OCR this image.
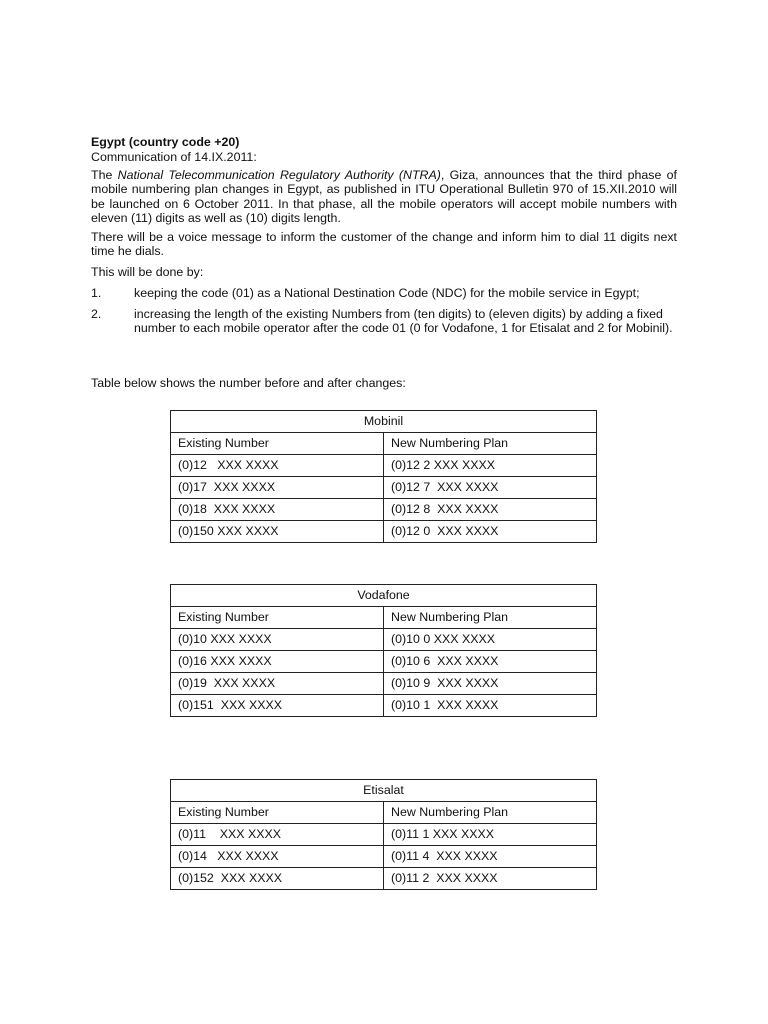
Egypt (country code +20)
Communication of 14.IX.2011:
The National Telecommunication Regulatory Authority (NTRA), Giza, announces that the third phase of mobile numbering plan changes in Egypt, as published in ITU Operational Bulletin 970 of 15.XII.2010 will be launched on 6 October 2011. In that phase, all the mobile operators will accept mobile numbers with eleven (11) digits as well as (10) digits length.
There will be a voice message to inform the customer of the change and inform him to dial 11 digits next time he dials.
This will be done by:
1.	keeping the code (01) as a National Destination Code (NDC) for the mobile service in Egypt;
2.	increasing the length of the existing Numbers from (ten digits) to (eleven digits) by adding a fixed number to each mobile operator after the code 01 (0 for Vodafone, 1 for Etisalat and 2 for Mobinil).
Table below shows the number before and after changes:
Mobinil	
Existing Number	New Numbering Plan
(0)12   XXX XXXX	(0)12 2 XXX XXXX
(0)17  XXX XXXX	(0)12 7  XXX XXXX
(0)18  XXX XXXX	(0)12 8  XXX XXXX
(0)150 XXX XXXX	(0)12 0  XXX XXXX
Vodafone	
Existing Number	New Numbering Plan
(0)10 XXX XXXX	(0)10 0 XXX XXXX
(0)16 XXX XXXX	(0)10 6  XXX XXXX
(0)19  XXX XXXX	(0)10 9  XXX XXXX
(0)151  XXX XXXX	(0)10 1  XXX XXXX
Etisalat	
Existing Number	New Numbering Plan
(0)11    XXX XXXX	(0)11 1 XXX XXXX
(0)14   XXX XXXX	(0)11 4  XXX XXXX
(0)152  XXX XXXX	(0)11 2  XXX XXXX
